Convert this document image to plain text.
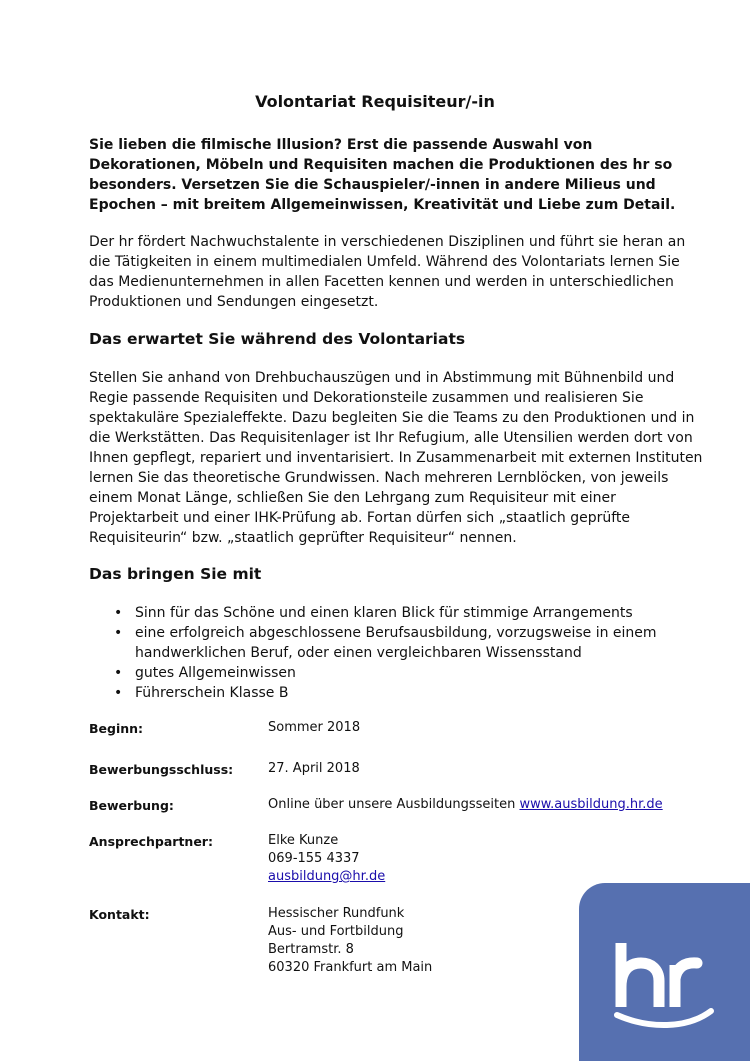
Volontariat Requisiteur/-in
Sie lieben die filmische Illusion? Erst die passende Auswahl von Dekorationen, Möbeln und Requisiten machen die Produktionen des hr so besonders. Versetzen Sie die Schauspieler/-innen in andere Milieus und Epochen – mit breitem Allgemeinwissen, Kreativität und Liebe zum Detail.
Der hr fördert Nachwuchstalente in verschiedenen Disziplinen und führt sie heran an die Tätigkeiten in einem multimedialen Umfeld. Während des Volontariats lernen Sie das Medienunternehmen in allen Facetten kennen und werden in unterschiedlichen Produktionen und Sendungen eingesetzt.
Das erwartet Sie während des Volontariats
Stellen Sie anhand von Drehbuchauszügen und in Abstimmung mit Bühnenbild und Regie passende Requisiten und Dekorationsteile zusammen und realisieren Sie spektakuläre Spezialeffekte. Dazu begleiten Sie die Teams zu den Produktionen und in die Werkstätten. Das Requisitenlager ist Ihr Refugium, alle Utensilien werden dort von Ihnen gepflegt, repariert und inventarisiert. In Zusammenarbeit mit externen Instituten lernen Sie das theoretische Grundwissen. Nach mehreren Lernblöcken, von jeweils einem Monat Länge, schließen Sie den Lehrgang zum Requisiteur mit einer Projektarbeit und einer IHK-Prüfung ab. Fortan dürfen sich „staatlich geprüfte Requisiteurin“ bzw. „staatlich geprüfter Requisiteur“ nennen.
Das bringen Sie mit
• Sinn für das Schöne und einen klaren Blick für stimmige Arrangements
• eine erfolgreich abgeschlossene Berufsausbildung, vorzugsweise in einem handwerklichen Beruf, oder einen vergleichbaren Wissensstand
• gutes Allgemeinwissen
• Führerschein Klasse B
Beginn:	Sommer 2018
Bewerbungsschluss:	27. April 2018
Bewerbung:	Online über unsere Ausbildungsseiten www.ausbildung.hr.de
Ansprechpartner:	Elke Kunze
069-155 4337
ausbildung@hr.de
Kontakt:	Hessischer Rundfunk
Aus- und Fortbildung
Bertramstr. 8
60320 Frankfurt am Main
